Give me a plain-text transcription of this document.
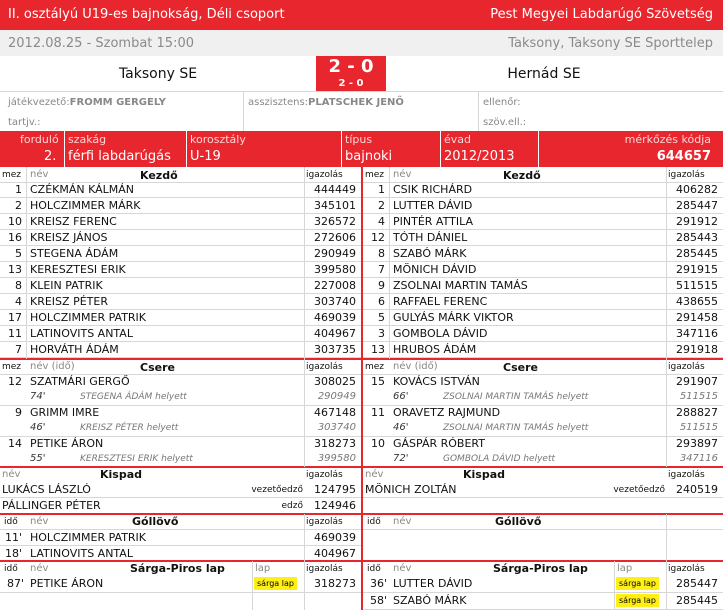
II. osztályú U19-es bajnokság, Déli csoport	Pest Megyei Labdarúgó Szövetség
2012.08.25 - Szombat 15:00	Taksony, Taksony SE Sporttelep
Taksony SE	2 - 0
2 - 0
Hernád SE
játékvezető:FROMM GERGELY	asszisztens:PLATSCHEK JENŐ	ellenőr:
tartjv.:	szöv.ell.:
forduló
2.
szakág
férfi labdarúgás
korosztály
U-19
típus
bajnoki
évad
2012/2013
mérkőzés kódja
644657
mez név	Kezdő	igazolás
1 CZÉKMÁN KÁLMÁN	444449
2 HOLCZIMMER MÁRK	345101
10 KREISZ FERENC	326572
16 KREISZ JÁNOS	272606
5 STEGENA ÁDÁM	290949
13 KERESZTESI ERIK	399580
8 KLEIN PATRIK	227008
4 KREISZ PÉTER	303740
17 HOLCZIMMER PATRIK	469039
11 LATINOVITS ANTAL	404967
7 HORVÁTH ÁDÁM	303735
mez név (idő)	Csere	igazolás
12 SZATMÁRI GERGŐ	308025
74'	STEGENA ÁDÁM helyett	290949
9 GRIMM IMRE	467148
46'	KREISZ PÉTER helyett	303740
14 PETIKE ÁRON	318273
55'	KERESZTESI ERIK helyett	399580
név	Kispad	igazolás
LUKÁCS LÁSZLÓ	vezetőedző	124795
PÁLLINGER PÉTER	edző	124946
idő név	Góllövő	igazolás
11' HOLCZIMMER PATRIK	469039
18' LATINOVITS ANTAL	404967
idő név	Sárga-Piros lap	lap	igazolás
87' PETIKE ÁRON	sárga lap	318273
mez név	Kezdő	igazolás
1 CSIK RICHÁRD	406282
2 LUTTER DÁVID	285447
4 PINTÉR ATTILA	291912
12 TÓTH DÁNIEL	285443
8 SZABÓ MÁRK	285445
7 MÖNICH DÁVID	291915
9 ZSOLNAI MARTIN TAMÁS	511515
6 RAFFAEL FERENC	438655
5 GULYÁS MÁRK VIKTOR	291458
3 GOMBOLA DÁVID	347116
13 HRUBOS ÁDÁM	291918
mez név (idő)	Csere	igazolás
15 KOVÁCS ISTVÁN	291907
66'	ZSOLNAI MARTIN TAMÁS helyett	511515
11 ORAVETZ RAJMUND	288827
46'	ZSOLNAI MARTIN TAMÁS helyett	511515
10 GÁSPÁR RÓBERT	293897
72'	GOMBOLA DÁVID helyett	347116
név	Kispad	igazolás
MÖNICH ZOLTÁN	vezetőedző	240519
idő név	Góllövő
idő név	Sárga-Piros lap	lap	igazolás
36' LUTTER DÁVID	sárga lap	285447
58' SZABÓ MÁRK	sárga lap	285445
